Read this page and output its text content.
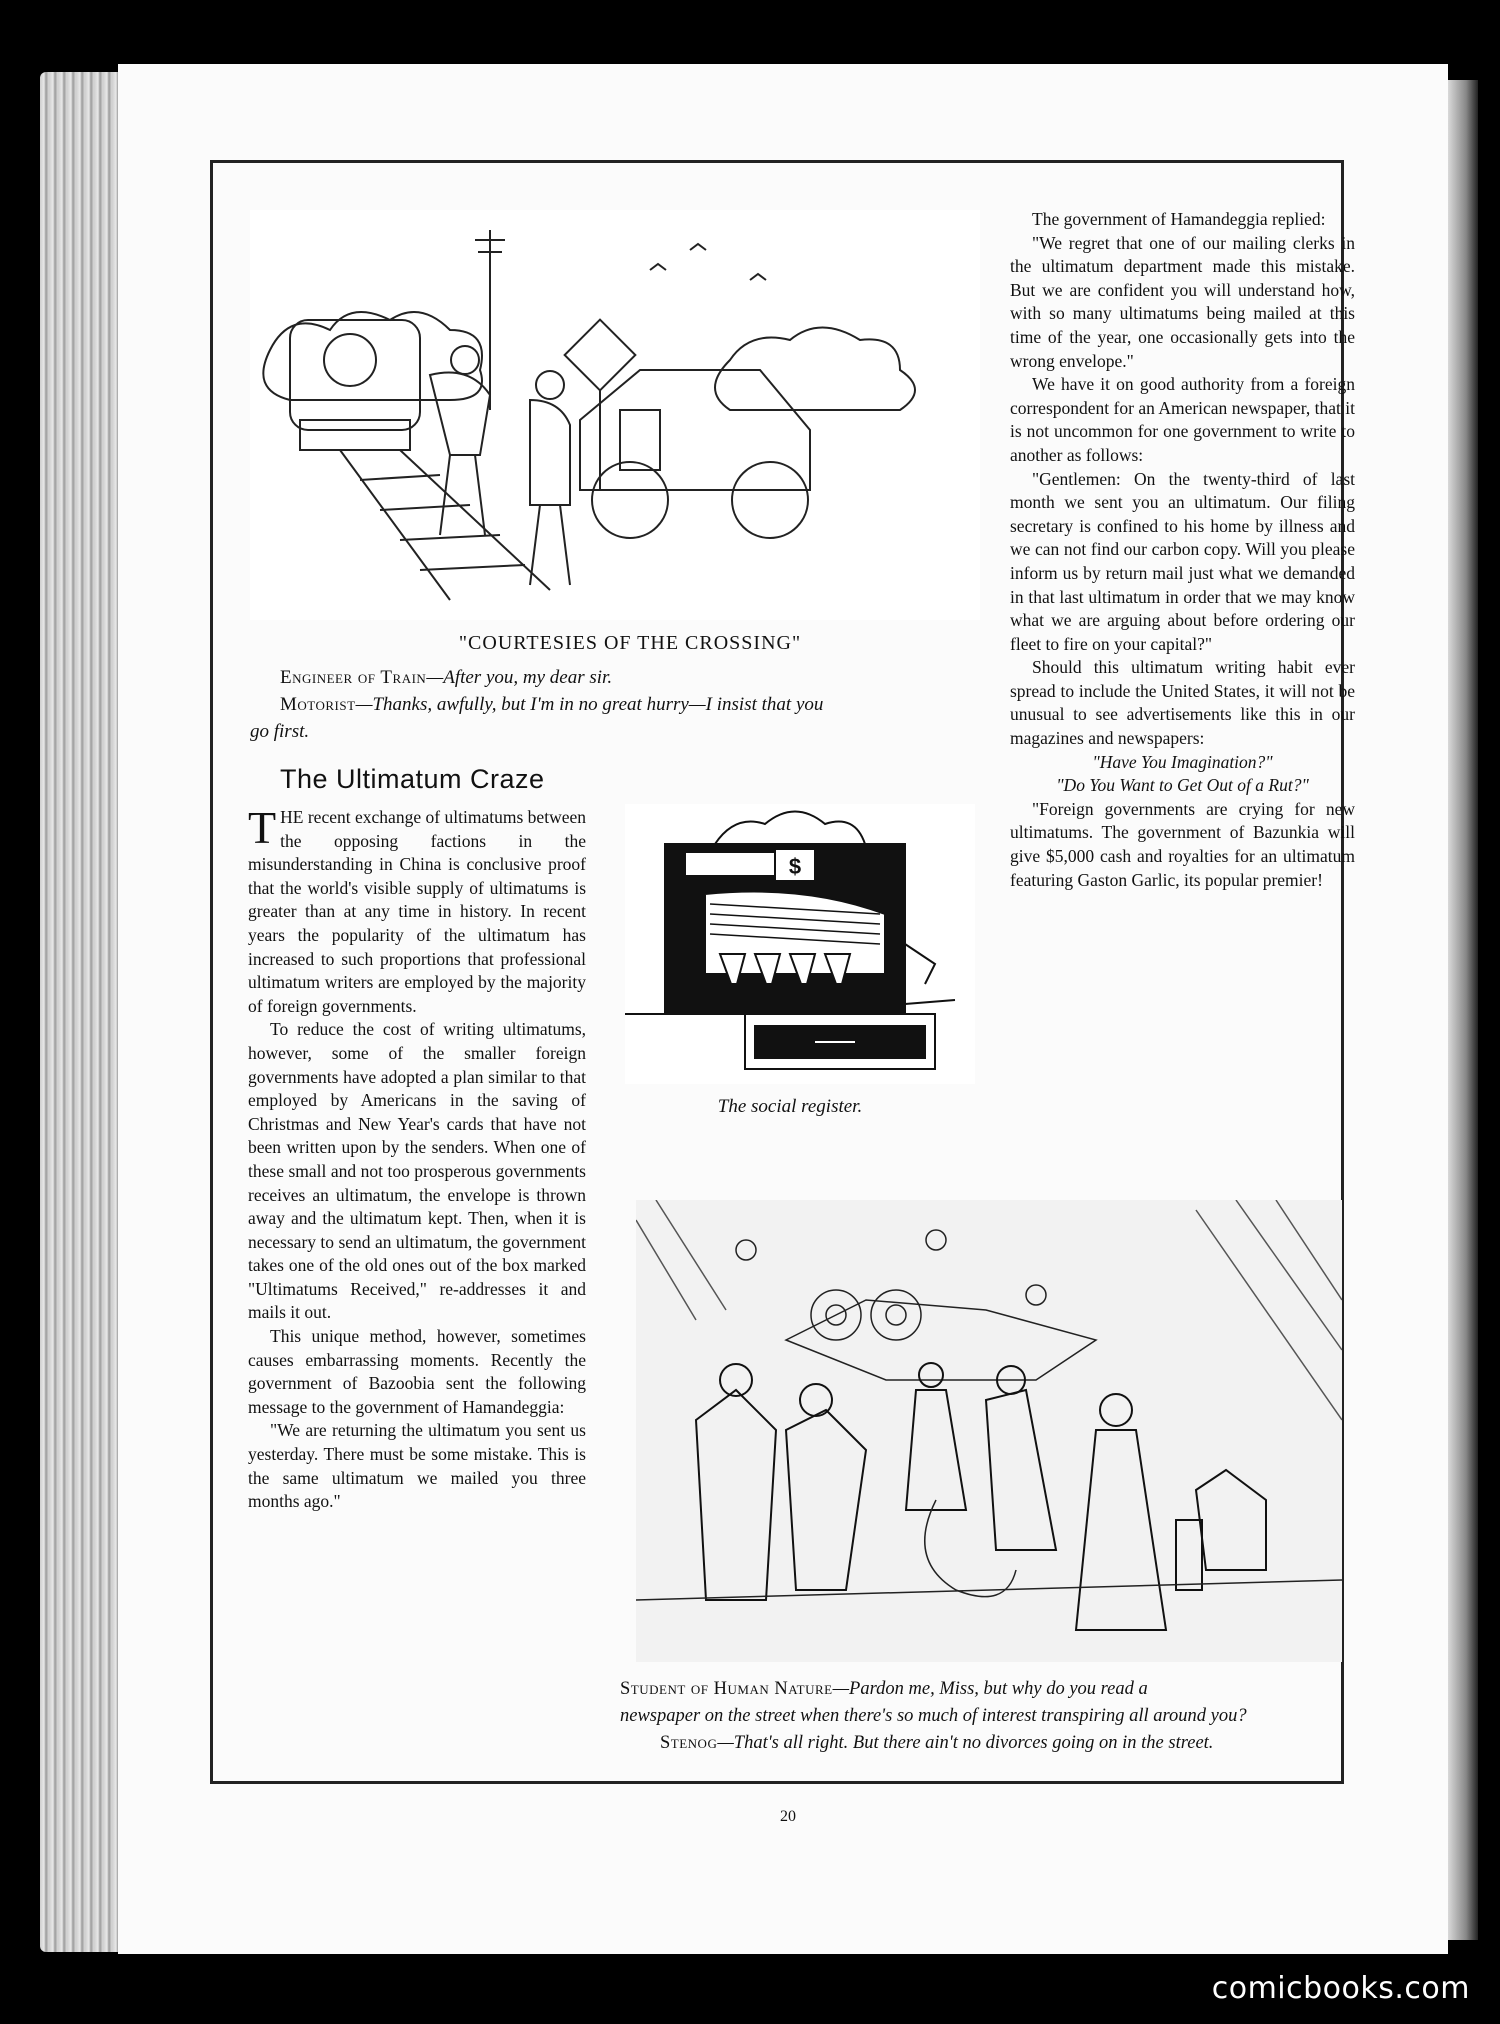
"COURTESIES OF THE CROSSING"
Engineer of Train—After you, my dear sir.
Motorist—Thanks, awfully, but I'm in no great hurry—I insist that you
go first.
The Ultimatum Craze

THE recent exchange of ultimatums between the opposing factions in the misunderstanding in China is conclusive proof that the world's visible supply of ultimatums is greater than at any time in history. In recent years the popularity of the ultimatum has increased to such proportions that professional ultimatum writers are employed by the majority of foreign governments.

To reduce the cost of writing ultimatums, however, some of the smaller foreign governments have adopted a plan similar to that employed by Americans in the saving of Christmas and New Year's cards that have not been written upon by the senders. When one of these small and not too prosperous governments receives an ultimatum, the envelope is thrown away and the ultimatum kept. Then, when it is necessary to send an ultimatum, the government takes one of the old ones out of the box marked "Ultimatums Received," re-addresses it and mails it out.

This unique method, however, sometimes causes embarrassing moments. Recently the government of Bazoobia sent the following message to the government of Hamandeggia:

"We are returning the ultimatum you sent us yesterday. There must be some mistake. This is the same ultimatum we mailed you three months ago."

$
The social register.

The government of Hamandeggia replied:

"We regret that one of our mailing clerks in the ultimatum department made this mistake. But we are confident you will understand how, with so many ultimatums being mailed at this time of the year, one occasionally gets into the wrong envelope."

We have it on good authority from a foreign correspondent for an American newspaper, that it is not uncommon for one government to write to another as follows:

"Gentlemen: On the twenty-third of last month we sent you an ultimatum. Our filing secretary is confined to his home by illness and we can not find our carbon copy. Will you please inform us by return mail just what we demanded in that last ultimatum in order that we may know what we are arguing about before ordering our fleet to fire on your capital?"

Should this ultimatum writing habit ever spread to include the United States, it will not be unusual to see advertisements like this in our magazines and newspapers:

"Have You Imagination?"

"Do You Want to Get Out of a Rut?"

"Foreign governments are crying for new ultimatums. The government of Bazunkia will give $5,000 cash and royalties for an ultimatum featuring Gaston Garlic, its popular premier!

Student of Human Nature—Pardon me, Miss, but why do you read a
newspaper on the street when there's so much of interest transpiring all around you?
Stenog—That's all right. But there ain't no divorces going on in the street.
20
comicbooks.com
